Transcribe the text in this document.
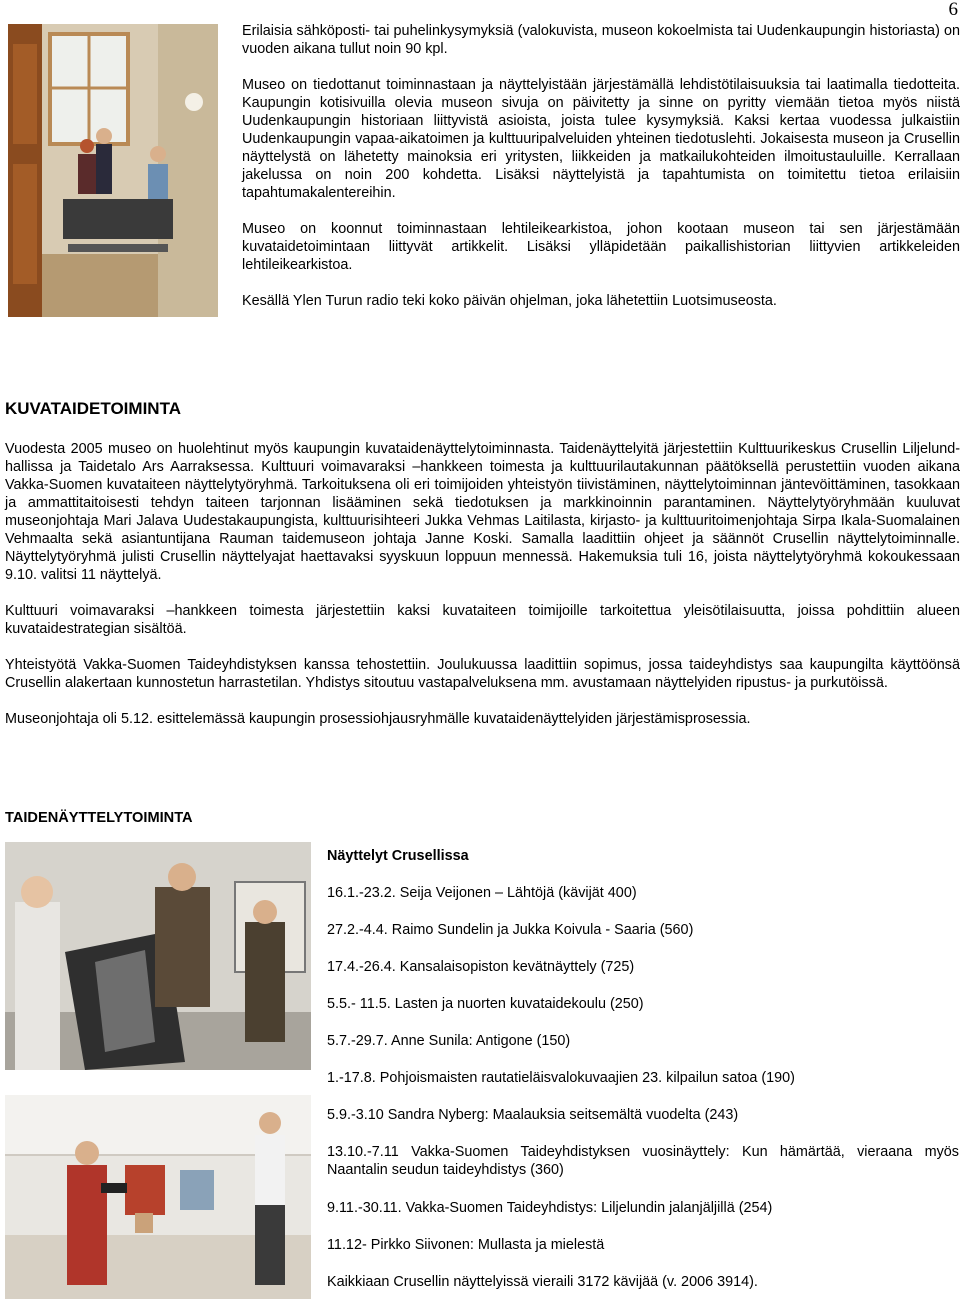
6

Erilaisia sähköposti- tai puhelinkysymyksiä (valokuvista, museon kokoelmista tai Uudenkaupungin historiasta) on vuoden aikana tullut noin 90 kpl.

Museo on tiedottanut toiminnastaan ja näyttelyistään järjestämällä lehdistötilaisuuksia tai laatimalla tiedotteita. Kaupungin kotisivuilla olevia museon sivuja on päivitetty ja sinne on pyritty viemään tietoa myös niistä Uudenkaupungin historiaan liittyvistä asioista, joista tulee kysymyksiä. Kaksi kertaa vuodessa julkaistiin Uudenkaupungin vapaa-aikatoimen ja kulttuuripalveluiden yhteinen tiedotuslehti. Jokaisesta museon ja Crusellin näyttelystä on lähetetty mainoksia eri yritysten, liikkeiden ja matkailukohteiden ilmoitustauluille. Kerrallaan jakelussa on noin 200 kohdetta. Lisäksi näyttelyistä ja tapahtumista on toimitettu tietoa erilaisiin tapahtumakalentereihin.

Museo on koonnut toiminnastaan lehtileikearkistoa, johon kootaan museon tai sen järjestämään kuvataidetoimintaan liittyvät artikkelit. Lisäksi ylläpidetään paikallishistorian liittyvien artikkeleiden lehtileikearkistoa.

Kesällä Ylen Turun radio teki koko päivän ohjelman, joka lähetettiin Luotsimuseosta.

KUVATAIDETOIMINTA

Vuodesta 2005 museo on huolehtinut myös kaupungin kuvataidenäyttelytoiminnasta. Taidenäyttelyitä järjestettiin Kulttuurikeskus Crusellin Liljelund-hallissa ja Taidetalo Ars Aarraksessa. Kulttuuri voimavaraksi –hankkeen toimesta ja kulttuurilautakunnan päätöksellä perustettiin vuoden aikana Vakka-Suomen kuvataiteen näyttelytyöryhmä. Tarkoituksena oli eri toimijoiden yhteistyön tiivistäminen, näyttelytoiminnan jäntevöittäminen, tasokkaan ja ammattitaitoisesti tehdyn taiteen tarjonnan lisääminen sekä tiedotuksen ja markkinoinnin parantaminen. Näyttelytyöryhmään kuuluvat museonjohtaja Mari Jalava Uudestakaupungista, kulttuurisihteeri Jukka Vehmas Laitilasta, kirjasto- ja kulttuuritoimenjohtaja Sirpa Ikala-Suomalainen Vehmaalta sekä asiantuntijana Rauman taidemuseon johtaja Janne Koski. Samalla laadittiin ohjeet ja säännöt Crusellin näyttelytoiminnalle. Näyttelytyöryhmä julisti Crusellin näyttelyajat haettavaksi syyskuun loppuun mennessä. Hakemuksia tuli 16, joista näyttelytyöryhmä kokoukessaan 9.10. valitsi 11 näyttelyä.

Kulttuuri voimavaraksi –hankkeen toimesta järjestettiin kaksi kuvataiteen toimijoille tarkoitettua yleisötilaisuutta, joissa pohdittiin alueen kuvataidestrategian sisältöä.

Yhteistyötä Vakka-Suomen Taideyhdistyksen kanssa tehostettiin. Joulukuussa laadittiin sopimus, jossa taideyhdistys saa kaupungilta käyttöönsä Crusellin alakertaan kunnostetun harrastetilan. Yhdistys sitoutuu vastapalveluksena mm. avustamaan näyttelyiden ripustus- ja purkutöissä.

Museonjohtaja oli 5.12. esittelemässä kaupungin prosessiohjausryhmälle kuvataidenäyttelyiden järjestämisprosessia.

TAIDENÄYTTELYTOIMINTA
Näyttelyt Crusellissa

16.1.-23.2. Seija Veijonen – Lähtöjä (kävijät 400)

27.2.-4.4. Raimo Sundelin ja Jukka Koivula - Saaria (560)

17.4.-26.4. Kansalaisopiston kevätnäyttely (725)

5.5.- 11.5. Lasten ja nuorten kuvataidekoulu (250)

5.7.-29.7. Anne Sunila: Antigone (150)

1.-17.8. Pohjoismaisten rautatieläisvalokuvaajien 23. kilpailun satoa (190)

5.9.-3.10 Sandra Nyberg: Maalauksia seitsemältä vuodelta (243)

13.10.-7.11 Vakka-Suomen Taideyhdistyksen vuosinäyttely: Kun hämärtää, vieraana myös Naantalin seudun taideyhdistys (360)

9.11.-30.11. Vakka-Suomen Taideyhdistys: Liljelundin jalanjäljillä (254)

11.12- Pirkko Siivonen: Mullasta ja mielestä

Kaikkiaan Crusellin näyttelyissä vieraili 3172 kävijää (v. 2006 3914).
